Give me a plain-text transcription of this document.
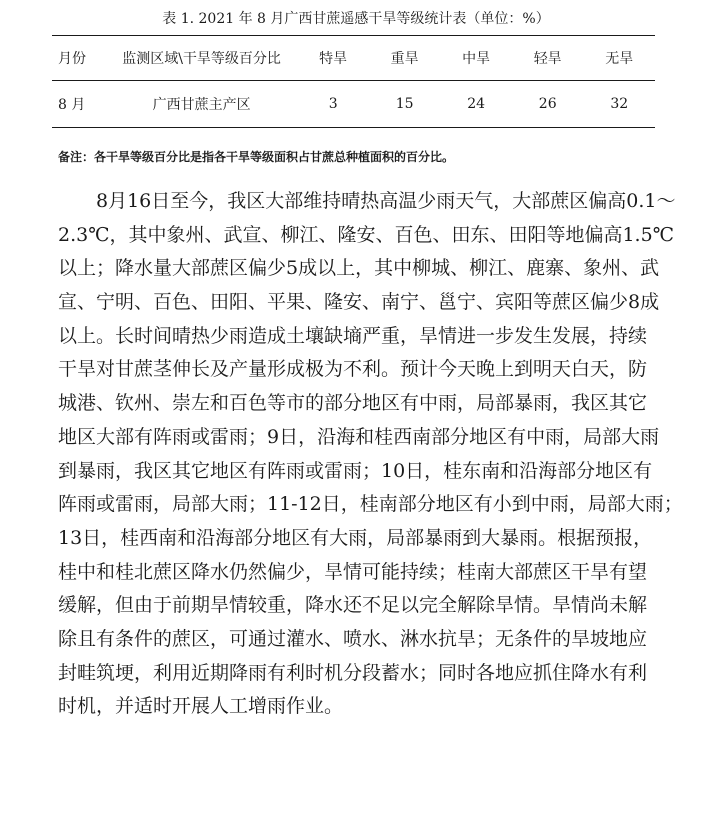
表 1. 2021 年 8 月广西甘蔗遥感干旱等级统计表（单位：%）
月份	监测区域\干旱等级百分比	特旱	重旱	中旱	轻旱	无旱
8 月	广西甘蔗主产区	3	15	24	26	32
备注：各干旱等级百分比是指各干旱等级面积占甘蔗总种植面积的百分比。
8月16日至今，我区大部维持晴热高温少雨天气，大部蔗区偏高0.1～
2.3℃，其中象州、武宣、柳江、隆安、百色、田东、田阳等地偏高1.5℃
以上；降水量大部蔗区偏少5成以上，其中柳城、柳江、鹿寨、象州、武
宣、宁明、百色、田阳、平果、隆安、南宁、邕宁、宾阳等蔗区偏少8成
以上。长时间晴热少雨造成土壤缺墒严重，旱情进一步发生发展，持续
干旱对甘蔗茎伸长及产量形成极为不利。预计今天晚上到明天白天，防
城港、钦州、崇左和百色等市的部分地区有中雨，局部暴雨，我区其它
地区大部有阵雨或雷雨；9日，沿海和桂西南部分地区有中雨，局部大雨
到暴雨，我区其它地区有阵雨或雷雨；10日，桂东南和沿海部分地区有
阵雨或雷雨，局部大雨；11-12日，桂南部分地区有小到中雨，局部大雨；
13日，桂西南和沿海部分地区有大雨，局部暴雨到大暴雨。根据预报，
桂中和桂北蔗区降水仍然偏少，旱情可能持续；桂南大部蔗区干旱有望
缓解，但由于前期旱情较重，降水还不足以完全解除旱情。旱情尚未解
除且有条件的蔗区，可通过灌水、喷水、淋水抗旱；无条件的旱坡地应
封畦筑埂，利用近期降雨有利时机分段蓄水；同时各地应抓住降水有利
时机，并适时开展人工增雨作业。
